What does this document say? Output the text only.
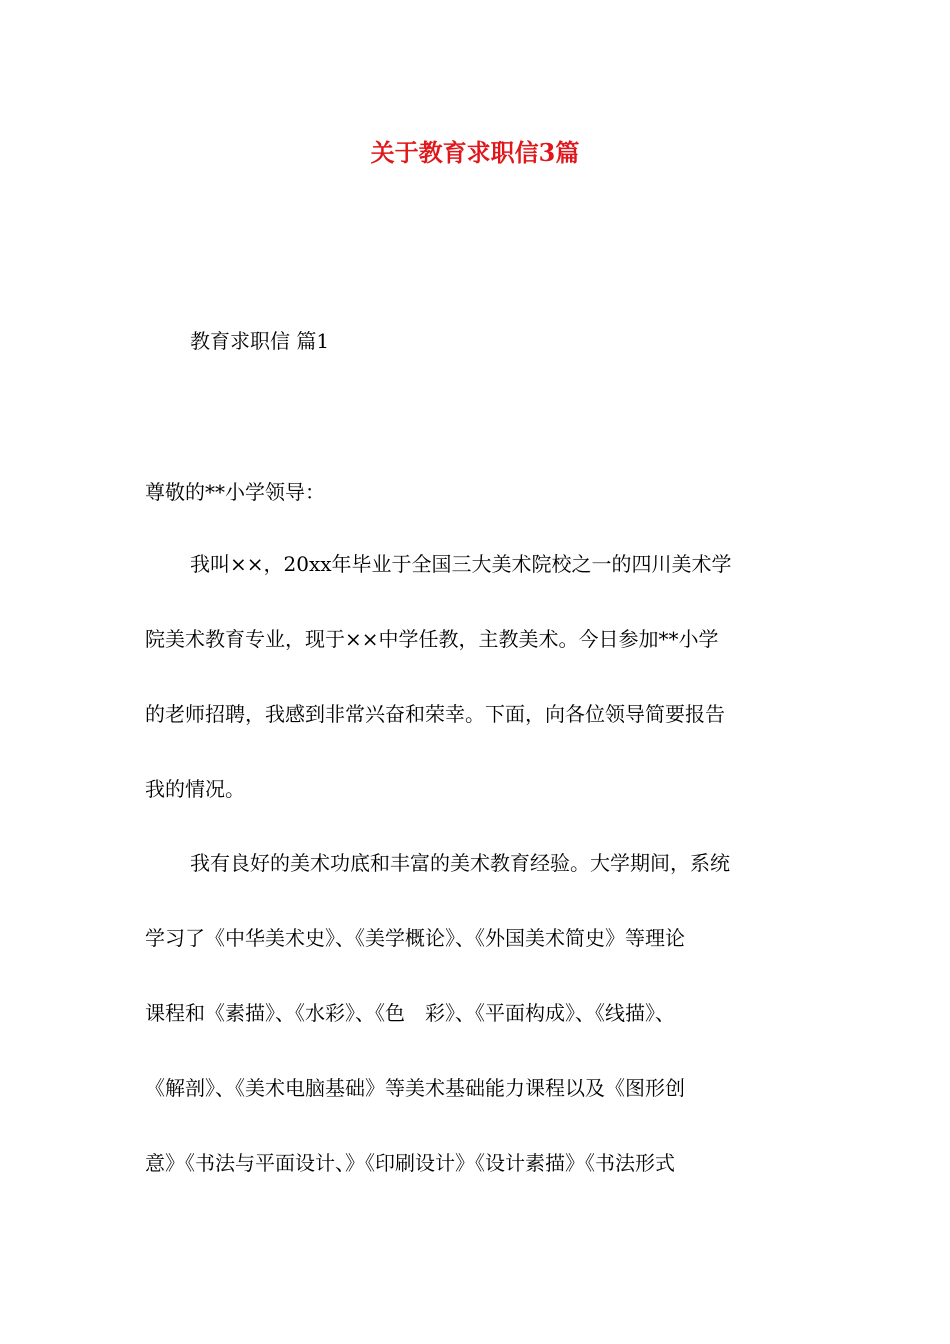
关于教育求职信3篇
教育求职信 篇1
尊敬的**小学领导：
我叫××，20xx年毕业于全国三大美术院校之一的四川美术学
院美术教育专业，现于××中学任教，主教美术。今日参加**小学
的老师招聘，我感到非常兴奋和荣幸。下面，向各位领导简要报告
我的情况。
我有良好的美术功底和丰富的美术教育经验。大学期间，系统
学习了《中华美术史》、《美学概论》、《外国美术简史》等理论
课程和《素描》、《水彩》、《色　彩》、《平面构成》、《线描》、
《解剖》、《美术电脑基础》等美术基础能力课程以及《图形创
意》《书法与平面设计、》《印刷设计》《设计素描》《书法形式
